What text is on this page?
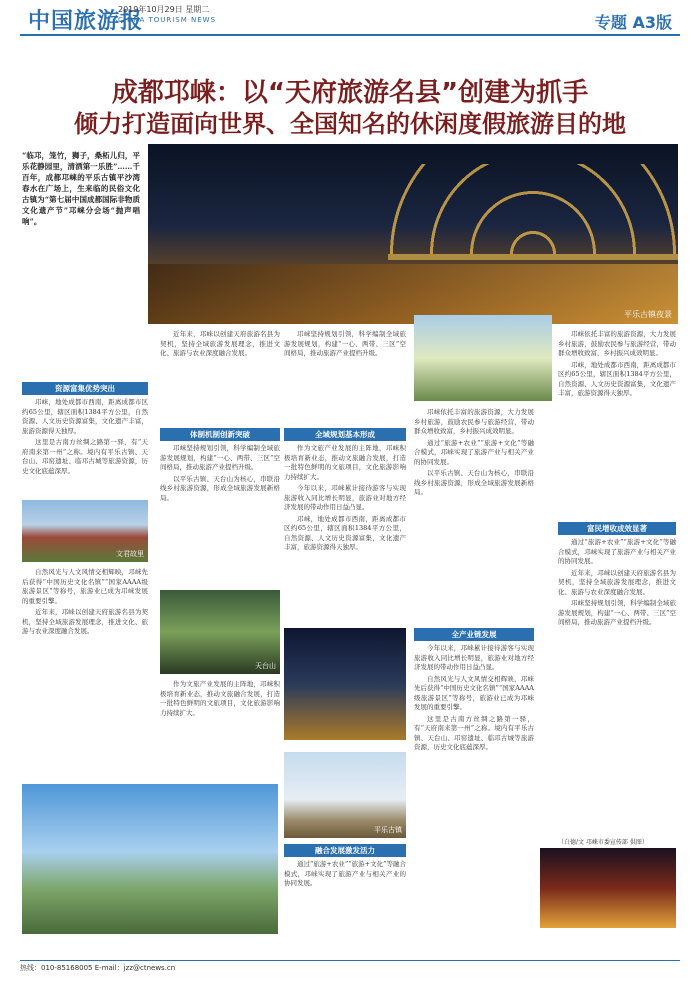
中国旅游报
2019年10月29日 星期二
CHINA TOURISM NEWS	专题 A3版
成都邛崃：以“天府旅游名县”创建为抓手
倾力打造面向世界、全国知名的休闲度假旅游目的地
“临邛，笼竹，狮子，桑柘儿归，平乐花静园里，清洒第一乐胜”……千百年，成都邛崃的平乐古镇平沙湾春水在广场上，生来临的民俗文化古镇为“第七届中国成都国际非物质文化遗产节”邛崃分会场“抛声唱响”。
平乐古镇夜景
资源富集优势突出

邛崃，地处成都市西南，距离成都市区约65公里，辖区面积1384平方公里，自然资源、人文历史资源富集，文化遗产丰富，旅游资源得天独厚。

这里是古南方丝绸之路第一驿，有“天府南来第一州”之称。境内有平乐古镇、天台山、邛窑遗址、临邛古城等旅游资源，历史文化底蕴深厚。

文君故里

自然风光与人文风情交相辉映，邛崃先后获得“中国历史文化名镇”“国家AAAA级旅游景区”等称号，旅游业已成为邛崃发展的重要引擎。

近年来，邛崃以创建天府旅游名县为契机，坚持全域旅游发展理念，推进文化、旅游与农业深度融合发展。

近年来，邛崃以创建天府旅游名县为契机，坚持全域旅游发展理念，推进文化、旅游与农业深度融合发展。

体制机制创新突破

邛崃坚持规划引领，科学编制全域旅游发展规划，构建“一心、两带、三区”空间格局，推动旅游产业提档升级。

以平乐古镇、天台山为核心，串联沿线乡村旅游资源，形成全域旅游发展新格局。

天台山

作为文旅产业发展的主阵地，邛崃积极培育新业态，推动文旅融合发展，打造一批特色鲜明的文旅项目，文化旅游影响力持续扩大。

邛崃坚持规划引领，科学编制全域旅游发展规划，构建“一心、两带、三区”空间格局，推动旅游产业提档升级。

全域规划基本形成

作为文旅产业发展的主阵地，邛崃积极培育新业态，推动文旅融合发展，打造一批特色鲜明的文旅项目，文化旅游影响力持续扩大。

今年以来，邛崃累计接待游客与实现旅游收入同比增长明显，旅游业对地方经济发展的带动作用日益凸显。

邛崃，地处成都市西南，距离成都市区约65公里，辖区面积1384平方公里，自然资源、人文历史资源富集，文化遗产丰富，旅游资源得天独厚。

平乐古镇
融合发展激发活力

通过“旅游+农业”“旅游+文化”等融合模式，邛崃实现了旅游产业与相关产业的协同发展。

邛崃依托丰富的旅游资源，大力发展乡村旅游，鼓励农民参与旅游经营，带动群众增收致富，乡村振兴成效明显。

通过“旅游+农业”“旅游+文化”等融合模式，邛崃实现了旅游产业与相关产业的协同发展。

以平乐古镇、天台山为核心，串联沿线乡村旅游资源，形成全域旅游发展新格局。

全产业链发展

今年以来，邛崃累计接待游客与实现旅游收入同比增长明显，旅游业对地方经济发展的带动作用日益凸显。

自然风光与人文风情交相辉映，邛崃先后获得“中国历史文化名镇”“国家AAAA级旅游景区”等称号，旅游业已成为邛崃发展的重要引擎。

这里是古南方丝绸之路第一驿，有“天府南来第一州”之称。境内有平乐古镇、天台山、邛窑遗址、临邛古城等旅游资源，历史文化底蕴深厚。

邛崃依托丰富的旅游资源，大力发展乡村旅游，鼓励农民参与旅游经营，带动群众增收致富，乡村振兴成效明显。

邛崃，地处成都市西南，距离成都市区约65公里，辖区面积1384平方公里，自然资源、人文历史资源富集，文化遗产丰富，旅游资源得天独厚。

富民增收成效显著

通过“旅游+农业”“旅游+文化”等融合模式，邛崃实现了旅游产业与相关产业的协同发展。

近年来，邛崃以创建天府旅游名县为契机，坚持全域旅游发展理念，推进文化、旅游与农业深度融合发展。

邛崃坚持规划引领，科学编制全域旅游发展规划，构建“一心、两带、三区”空间格局，推动旅游产业提档升级。

（白德/文 邛崃市委宣传部 供图）
热线：010-85168005 E-mail：jzz@ctnews.cn
